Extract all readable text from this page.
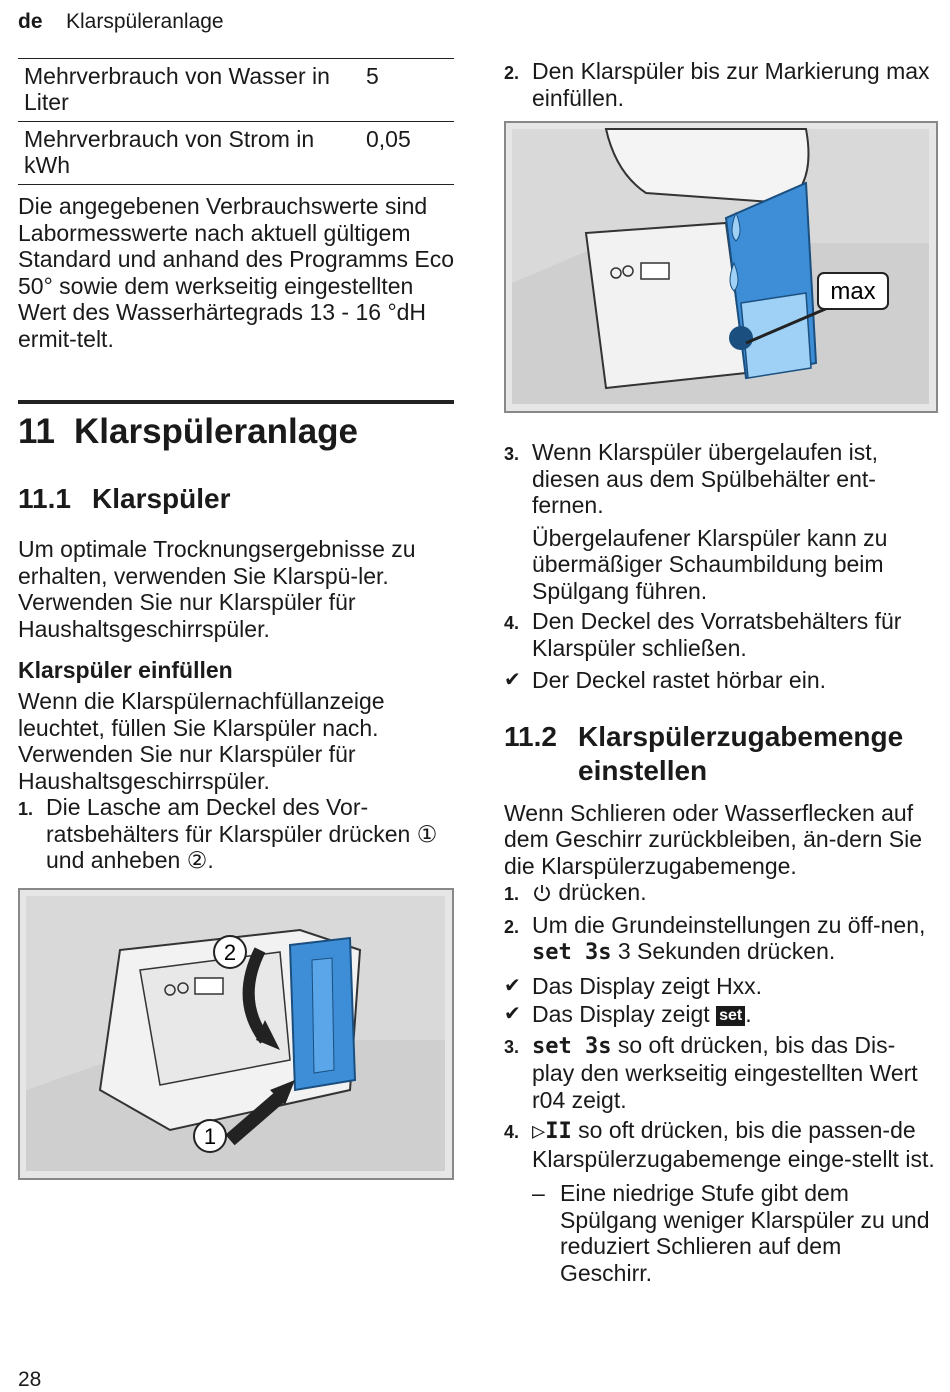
de Klarspüleranlage
Mehrverbrauch von Wasser in Liter	5
Mehrverbrauch von Strom in kWh	0,05
Die angegebenen Verbrauchswerte sind Labormesswerte nach aktuell gültigem Standard und anhand des Programms Eco 50° sowie dem werkseitig eingestellten Wert des Wasserhärtegrads 13 - 16 °dH ermit-telt.
11 Klarspüleranlage
11.1 Klarspüler
Um optimale Trocknungsergebnisse zu erhalten, verwenden Sie Klarspü-ler.
Verwenden Sie nur Klarspüler für Haushaltsgeschirrspüler.
Klarspüler einfüllen
Wenn die Klarspülernachfüllanzeige leuchtet, füllen Sie Klarspüler nach.
Verwenden Sie nur Klarspüler für Haushaltsgeschirrspüler.
1. Die Lasche am Deckel des Vor-ratsbehälters für Klarspüler drücken ① und anheben ②.
1
2
2. Den Klarspüler bis zur Markierung max einfüllen.
max
3. Wenn Klarspüler übergelaufen ist, diesen aus dem Spülbehälter ent-fernen.
Übergelaufener Klarspüler kann zu übermäßiger Schaumbildung beim Spülgang führen.
4. Den Deckel des Vorratsbehälters für Klarspüler schließen.
✔ Der Deckel rastet hörbar ein.
11.2 Klarspülerzugabemenge
einstellen
Wenn Schlieren oder Wasserflecken auf dem Geschirr zurückbleiben, än-dern Sie die Klarspülerzugabemenge.
1.	drücken.
2. Um die Grundeinstellungen zu öff-nen, set 3s 3 Sekunden drücken.
✔ Das Display zeigt Hxx.
✔ Das Display zeigt set .
3. set 3s so oft drücken, bis das Dis-play den werkseitig eingestellten Wert r04 zeigt.
4. ▷II so oft drücken, bis die passen-de Klarspülerzugabemenge einge-stellt ist.
– Eine niedrige Stufe gibt dem Spülgang weniger Klarspüler zu und reduziert Schlieren auf dem Geschirr.
28
